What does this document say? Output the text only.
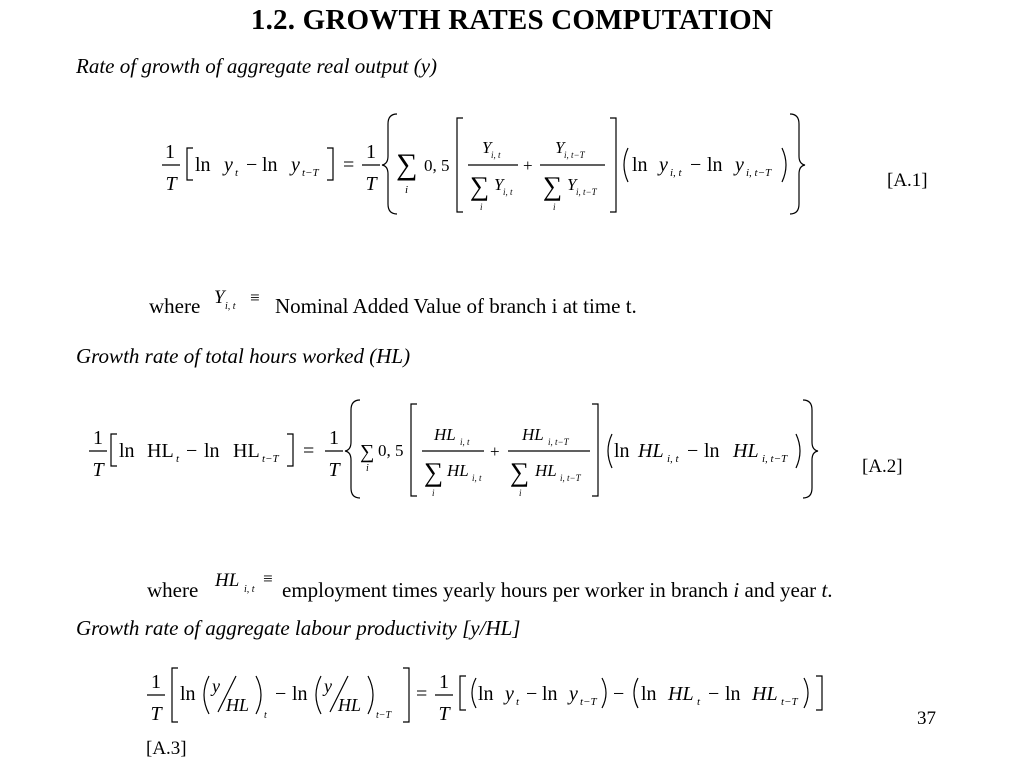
1.2. GROWTH RATES COMPUTATION
Rate of growth of aggregate real output (y)
1
T
ln y t − ln y t−T =
1
T
∑
i
0, 5
Y i, t
∑
i
Y i, t
+
Y i, t−T
∑
i
Y i, t−T
ln y i, t − ln y i, t−T	[A.1]
where Y i, t ≡ Nominal Added Value of branch i at time t.
Growth rate of total hours worked (HL)
1
T
ln HL t − ln HL t−T =
1
T
∑
i
0, 5
HL i, t
∑
i
HL i, t
+
HL i, t−T
∑
i
HL i, t−T
ln HL i, t − ln HL i, t−T	[A.2]
where HL i, t
≡ employment times yearly hours per worker in branch i and year t.
Growth rate of aggregate labour productivity [y/HL]
1
T
ln y
HL
t
− ln y
HL
t−T
=
1
T
ln y t − ln y t−T − ln HL t − ln HL t−T
[A.3]
37
